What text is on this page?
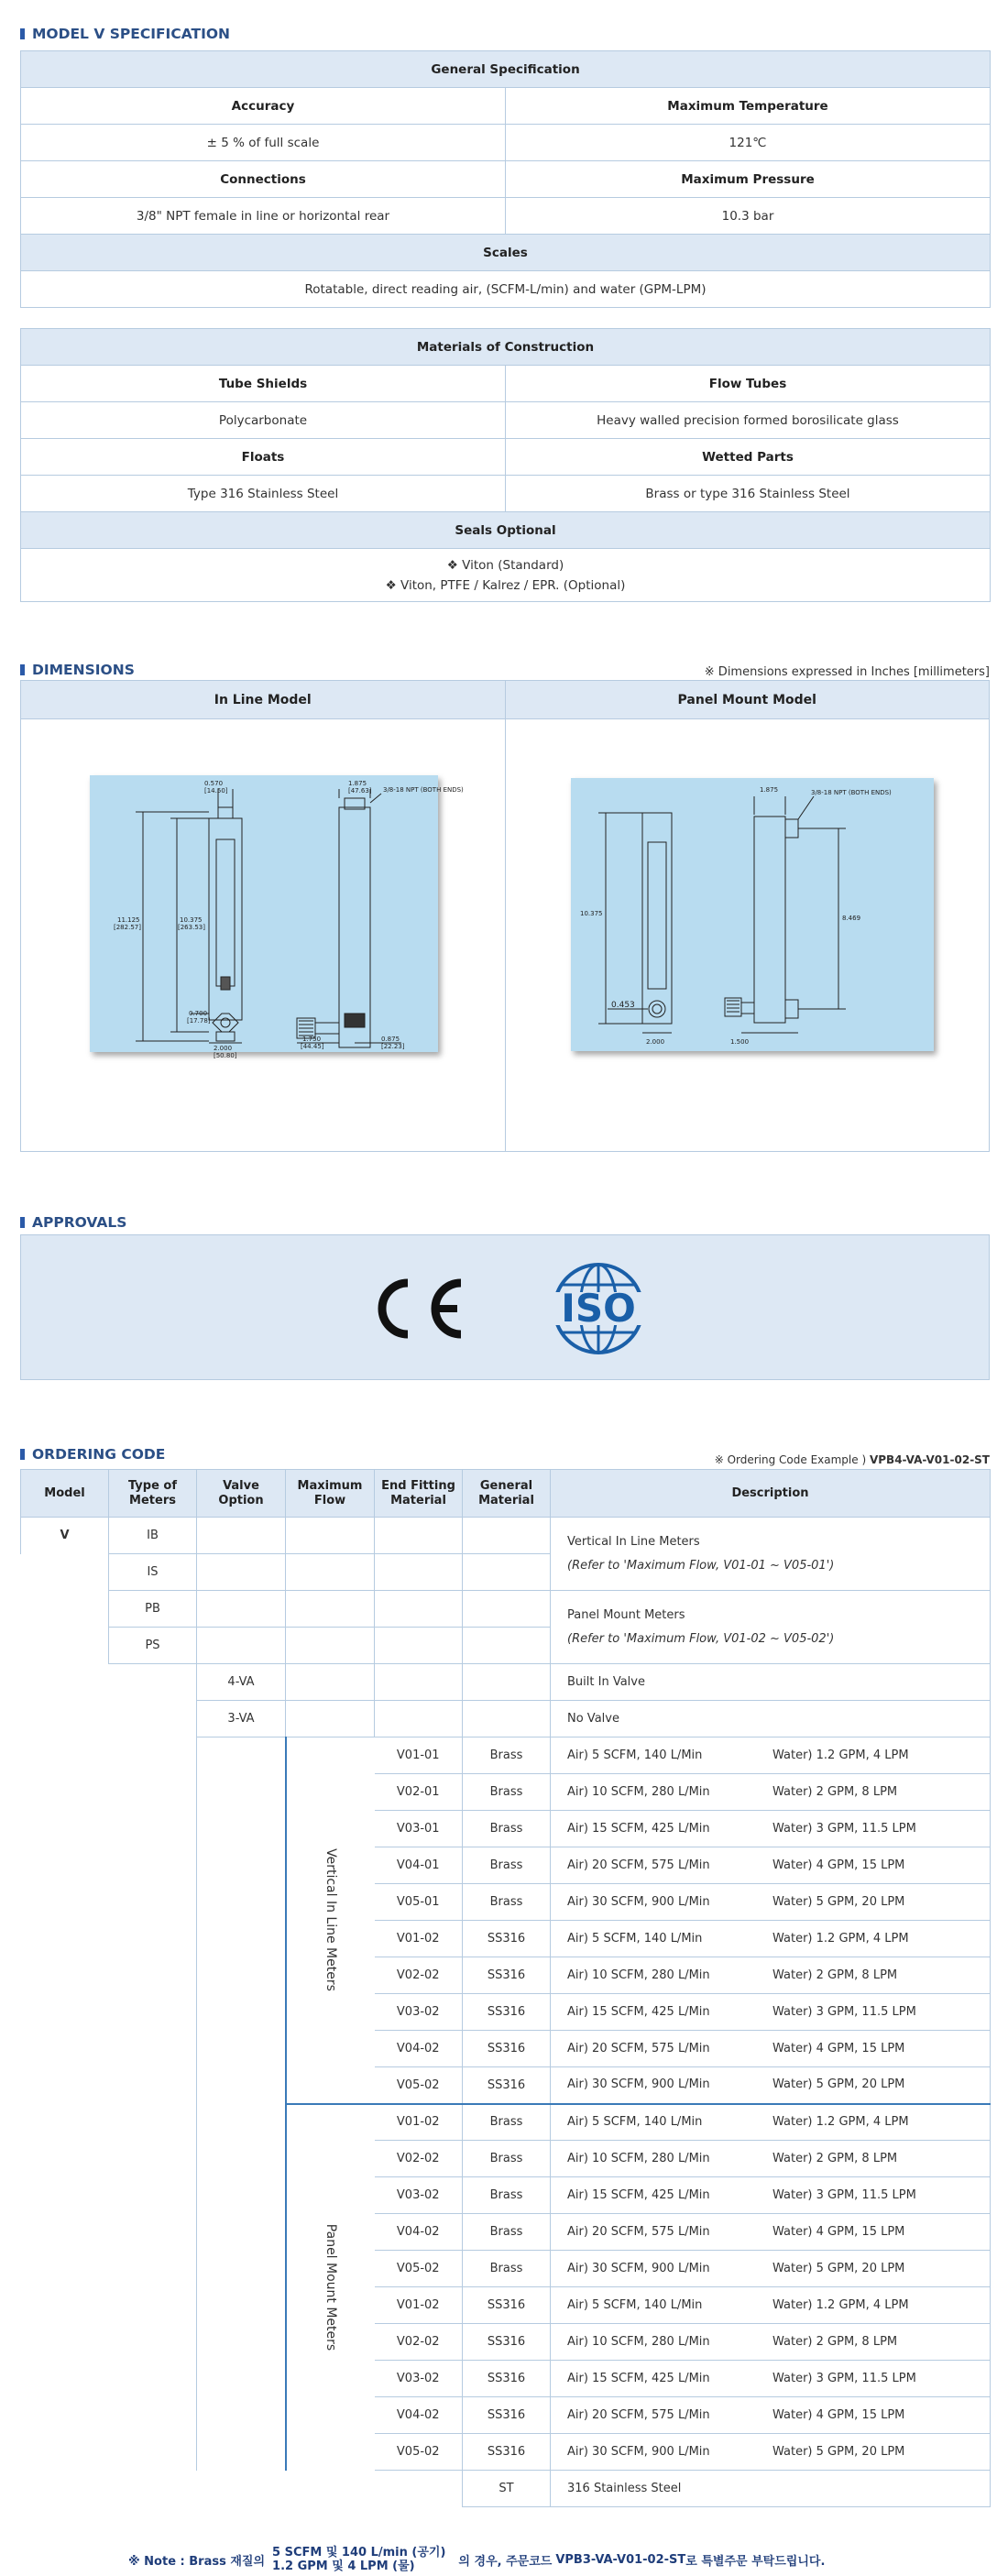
MODEL V SPECIFICATION
General Specification	
Accuracy	Maximum Temperature
± 5 % of full scale	121℃
Connections	Maximum Pressure
3/8" NPT female in line or horizontal rear	10.3 bar
Scales	
Rotatable, direct reading air, (SCFM-L/min) and water (GPM-LPM)	
Materials of Construction	
Tube Shields	Flow Tubes
Polycarbonate	Heavy walled precision formed borosilicate glass
Floats	Wetted Parts
Type 316 Stainless Steel	Brass or type 316 Stainless Steel
Seals Optional	

❖ Viton (Standard)
❖ Viton, PTFE / Kalrez / EPR. (Optional)	
DIMENSIONS	※ Dimensions expressed in Inches [millimeters]
In Line Model	Panel Mount Model
3/8-18 NPT (BOTH ENDS)
0.570
[14.50]
1.875
[47.63]
11.125
[282.57]
10.375
[263.53]
0.700
[17.78]
2.000
[50.80]
1.750
[44.45]
0.875
[22.23]
3/8-18 NPT (BOTH ENDS)
1.875
10.375
8.469
0.453
2.000	1.500
APPROVALS
ISO
ORDERING CODE	※ Ordering Code Example ) VPB4-VA-V01-02-ST
Model	Type of Meters	Valve Option	Maximum Flow	End Fitting Material	General Material	Description
V	IB					Vertical In Line Meters
(Refer to 'Maximum Flow, V01-01 ~ V05-01')

	IS					
	PB					Panel Mount Meters
(Refer to 'Maximum Flow, V01-02 ~ V05-02')

	PS					
		4-VA				Built In Valve
		3-VA				No Valve

			Vertical In Line Meters	V01-01	Brass	Air) 5 SCFM, 140 L/Min Water) 1.2 GPM, 4 LPM
				V02-01	Brass	Air) 10 SCFM, 280 L/Min Water) 2 GPM, 8 LPM
				V03-01	Brass	Air) 15 SCFM, 425 L/Min Water) 3 GPM, 11.5 LPM
				V04-01	Brass	Air) 20 SCFM, 575 L/Min Water) 4 GPM, 15 LPM
				V05-01	Brass	Air) 30 SCFM, 900 L/Min Water) 5 GPM, 20 LPM
				V01-02	SS316	Air) 5 SCFM, 140 L/Min Water) 1.2 GPM, 4 LPM
				V02-02	SS316	Air) 10 SCFM, 280 L/Min Water) 2 GPM, 8 LPM
				V03-02	SS316	Air) 15 SCFM, 425 L/Min Water) 3 GPM, 11.5 LPM
				V04-02	SS316	Air) 20 SCFM, 575 L/Min Water) 4 GPM, 15 LPM
				V05-02	SS316	Air) 30 SCFM, 900 L/Min Water) 5 GPM, 20 LPM

			Panel Mount Meters	V01-02	Brass	Air) 5 SCFM, 140 L/Min Water) 1.2 GPM, 4 LPM
				V02-02	Brass	Air) 10 SCFM, 280 L/Min Water) 2 GPM, 8 LPM
				V03-02	Brass	Air) 15 SCFM, 425 L/Min Water) 3 GPM, 11.5 LPM
				V04-02	Brass	Air) 20 SCFM, 575 L/Min Water) 4 GPM, 15 LPM
				V05-02	Brass	Air) 30 SCFM, 900 L/Min Water) 5 GPM, 20 LPM
				V01-02	SS316	Air) 5 SCFM, 140 L/Min Water) 1.2 GPM, 4 LPM
				V02-02	SS316	Air) 10 SCFM, 280 L/Min Water) 2 GPM, 8 LPM
				V03-02	SS316	Air) 15 SCFM, 425 L/Min Water) 3 GPM, 11.5 LPM
				V04-02	SS316	Air) 20 SCFM, 575 L/Min Water) 4 GPM, 15 LPM
				V05-02	SS316	Air) 30 SCFM, 900 L/Min Water) 5 GPM, 20 LPM
					ST	316 Stainless Steel
※ Note : Brass 재질의
5 SCFM 및 140 L/min (공기)
1.2 GPM 및 4 LPM (물)	의 경우, 주문코드 VPB3-VA-V01-02-ST 로 특별주문 부탁드립니다.
